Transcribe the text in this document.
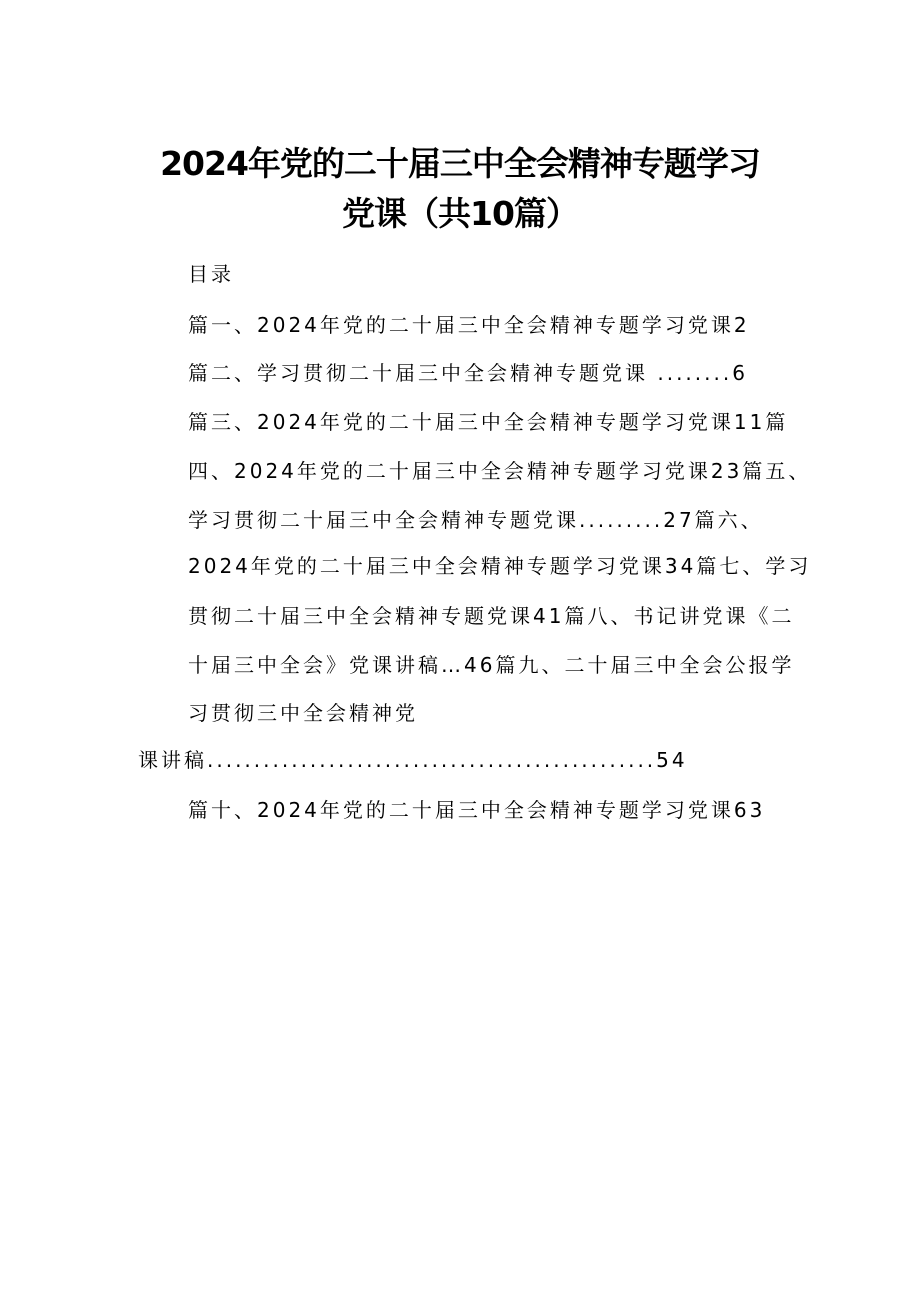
2024年党的二十届三中全会精神专题学习
党课（共10篇）
目录
篇一、2024年党的二十届三中全会精神专题学习党课2
篇二、学习贯彻二十届三中全会精神专题党课 ........6
篇三、2024年党的二十届三中全会精神专题学习党课11篇
四、2024年党的二十届三中全会精神专题学习党课23篇五、
学习贯彻二十届三中全会精神专题党课.........27篇六、
2024年党的二十届三中全会精神专题学习党课34篇七、学习
贯彻二十届三中全会精神专题党课41篇八、书记讲党课《二
十届三中全会》党课讲稿…46篇九、二十届三中全会公报学
习贯彻三中全会精神党
课讲稿................................................54
篇十、2024年党的二十届三中全会精神专题学习党课63
